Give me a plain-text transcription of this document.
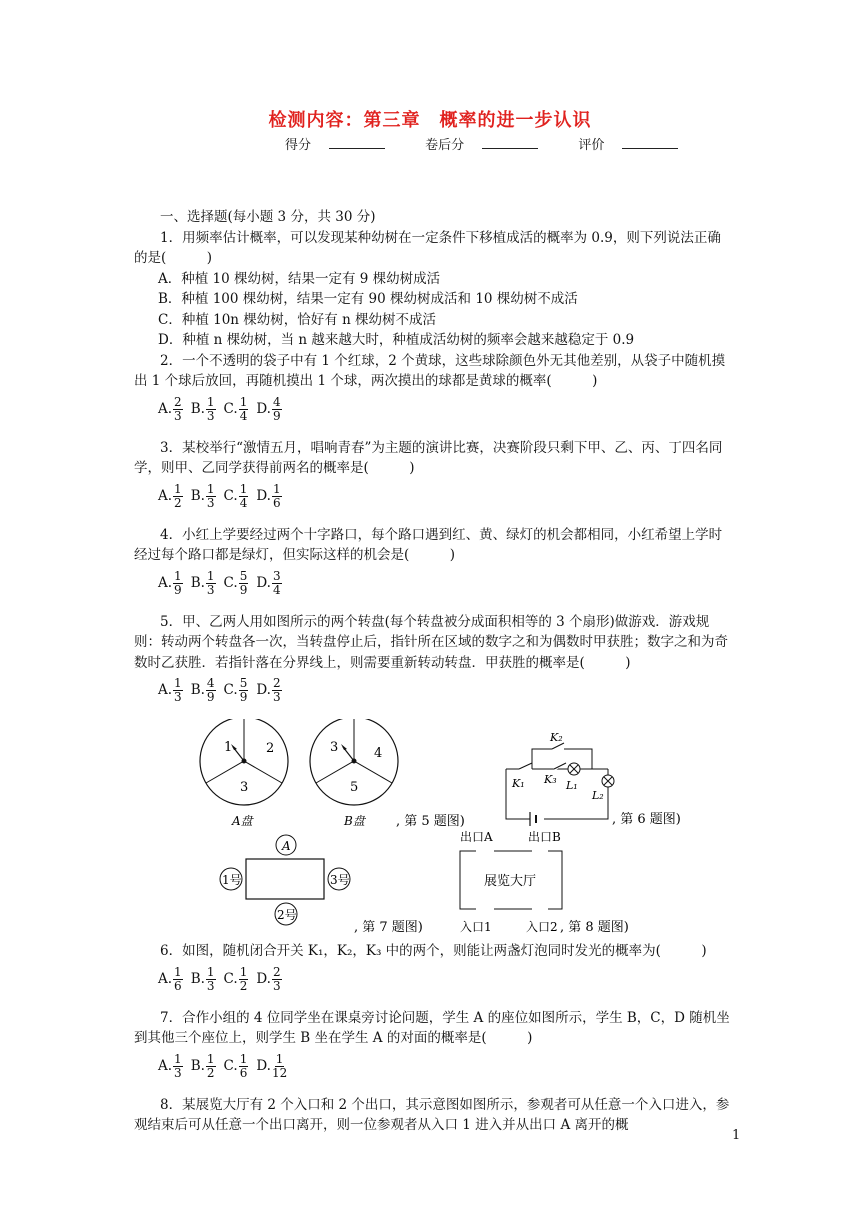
检测内容：第三章　概率的进一步认识
得分	卷后分	评价

一、选择题(每小题 3 分，共 30 分)

1．用频率估计概率，可以发现某种幼树在一定条件下移植成活的概率为 0.9，则下列说法正确的是(　　　)

A．种植 10 棵幼树，结果一定有 9 棵幼树成活

B．种植 100 棵幼树，结果一定有 90 棵幼树成活和 10 棵幼树不成活

C．种植 10n 棵幼树，恰好有 n 棵幼树不成活

D．种植 n 棵幼树，当 n 越来越大时，种植成活幼树的频率会越来越稳定于 0.9

2．一个不透明的袋子中有 1 个红球，2 个黄球，这些球除颜色外无其他差别，从袋子中随机摸出 1 个球后放回，再随机摸出 1 个球，两次摸出的球都是黄球的概率(　　　)

A. $\frac{2}{3} B$. $\frac{1}{3} C$. $\frac{1}{4} D$. $\frac{4}{9}$

3．某校举行“激情五月，唱响青春”为主题的演讲比赛，决赛阶段只剩下甲、乙、丙、丁四名同学，则甲、乙同学获得前两名的概率是(　　　)

A. $\frac{1}{2} B$. $\frac{1}{3} C$. $\frac{1}{4} D$. $\frac{1}{6}$

4．小红上学要经过两个十字路口，每个路口遇到红、黄、绿灯的机会都相同，小红希望上学时经过每个路口都是绿灯，但实际这样的机会是(　　　)

A. $\frac{1}{9} B$. $\frac{1}{3} C$. $\frac{5}{9} D$. $\frac{3}{4}$

5．甲、乙两人用如图所示的两个转盘(每个转盘被分成面积相等的 3 个扇形)做游戏．游戏规则：转动两个转盘各一次，当转盘停止后，指针所在区域的数字之和为偶数时甲获胜；数字之和为奇数时乙获胜．若指针落在分界线上，则需要重新转动转盘．甲获胜的概率是(　　　)

A. $\frac{1}{3} B$. $\frac{4}{9} C$. $\frac{5}{9} D$. $\frac{2}{3}$
1	2
3
A盘
3	4
5
B盘 , 第 5 题图)
K₁
K₂
K₃ L₁
L₂
, 第 6 题图)
A
1号	3号
2号
, 第 7 题图)
出口A	出口B
展览大厅
入口1	入口2 , 第 8 题图)

6．如图，随机闭合开关 K₁，K₂，K₃ 中的两个，则能让两盏灯泡同时发光的概率为(　　　)

A. $\frac{1}{6} B$. $\frac{1}{3} C$. $\frac{1}{2} D$. $\frac{2}{3}$

7．合作小组的 4 位同学坐在课桌旁讨论问题，学生 A 的座位如图所示，学生 B，C，D 随机坐到其他三个座位上，则学生 B 坐在学生 A 的对面的概率是(　　　)

A. $\frac{1}{3} B$. $\frac{1}{2} C$. $\frac{1}{6} D$. $\frac{1}{12}$

8．某展览大厅有 2 个入口和 2 个出口，其示意图如图所示，参观者可从任意一个入口进入，参观结束后可从任意一个出口离开，则一位参观者从入口 1 进入并从出口 A 离开的概

1
